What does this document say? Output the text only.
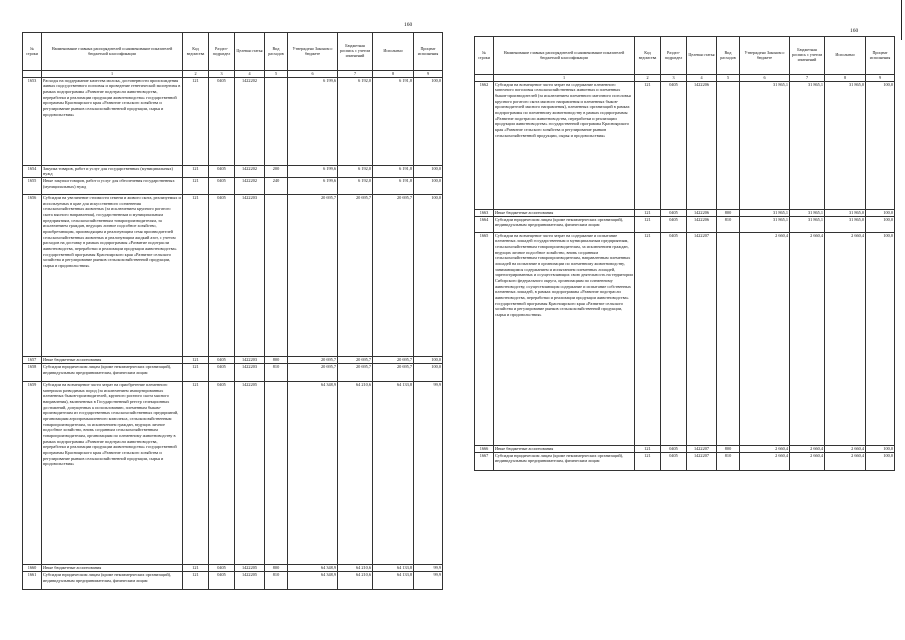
160
№ строки	Наименование главных распорядителей и наименование показателей бюджетной классификации	Код ведомства	Раздел-подраздел	Целевая статья	Вид расходов	Утверждено Законом о бюджете	Бюджетная роспись с учетом изменений	Исполнено	Процент исполнения
	1	2	3	4	5	6	7	8	9
1653	Расходы на поддержание качества молока, достоверности происхождения живых подсудственного погловья и проведение генетической экспертизы в рамках подпрограммы «Развитие подотрасли животноводства, переработки и реализации продукции животноводства» государственной программы Красноярского края «Развитие сельского хозяйства и регулирование рынков сельскохозяйственной продукции, сырья и продовольствия»	121	0405	1422202		6 199,6	6 192,0	6 191,8	100,0
1654	Закупка товаров, работ и услуг для государственных (муниципальных) нужд	121	0405	1422202	200	6 199,6	6 192,0	6 191,8	100,0
1655	Иные закупки товаров, работ и услуг для обеспечения государственных (муниципальных) нужд	121	0405	1422202	240	6 199,6	6 192,0	6 191,8	100,0
1656	Субсидии на увеличение стоимости семени и живого скота, реализуемых и используемых в крае для искусственного осеменения сельскохозяйственных животных (за исключением крупного рогатого скота мясного направления), государственным и муниципальным предприятиям, сельскохозяйственным товаропроизводителям, за исключением граждан, ведущих личное подсобное хозяйство, приобретающим, производящим и реализующим семя производителей сельскохозяйственных животных и реализующим жидкий азот, с учетом расходов на доставку в рамках подпрограммы «Развитие подотрасли животноводства, переработки и реализации продукции животноводства» государственной программы Красноярского края «Развитие сельского хозяйства и регулирование рынков сельскохозяйственной продукции, сырья и продовольствия»	121	0405	1422203		20 695,7	20 695,7	20 695,7	100,0
1657	Иные бюджетные ассигнования	121	0405	1422203	800	20 695,7	20 695,7	20 695,7	100,0
1658	Субсидии юридическим лицам (кроме некоммерческих организаций), индивидуальным предпринимателям, физическим лицам	121	0405	1422203	810	20 695,7	20 695,7	20 695,7	100,0
1659	Субсидии на возмещение части затрат на приобретение племенного материала разводимых пород (за исключением импортированных племенных быков-производителей, крупного рогатого скота мясного направления), включенных в Государственный реестр селекционных достижений, допущенных к использованию, племенным быкам-производителям из государственных сельскохозяйственных предприятий, организациям агропромышленного комплекса, сельскохозяйственным товаропроизводителям, за исключением граждан, ведущих личное подсобное хозяйство, вновь созданным сельскохозяйственным товаропроизводителям, организациям по племенному животноводству в рамках подпрограммы «Развитие подотрасли животноводства, переработки и реализации продукции животноводства» государственной программы Красноярского края «Развитие сельского хозяйства и регулирование рынков сельскохозяйственной продукции, сырья и продовольствия»	121	0405	1422205		64 348,9	64 210,6	64 133,8	99,9
1660	Иные бюджетные ассигнования	121	0405	1422205	800	64 348,9	64 210,6	64 133,8	99,9
1661	Субсидии юридическим лицам (кроме некоммерческих организаций), индивидуальным предпринимателям, физическим лицам	121	0405	1422205	810	64 348,9	64 210,6	64 133,8	99,9
160
№ строки	Наименование главных распорядителей и наименование показателей бюджетной классификации	Код ведомства	Раздел-подраздел	Целевая статья	Вид расходов	Утверждено Законом о бюджете	Бюджетная роспись с учетом изменений	Исполнено	Процент исполнения
	1	2	3	4	5	6	7	8	9
1662	Субсидии на возмещение части затрат на содержание племенного маточного поголовья сельскохозяйственных животных и племенных быков-производителей (за исключением племенного маточного поголовья крупного рогатого скота мясного направления и племенных быков-производителей мясного направления), племенных организаций в рамках подпрограммы по племенному животноводству в рамках подпрограммы «Развитие подотрасли животноводства, переработки и реализации продукции животноводства» государственной программы Красноярского края «Развитие сельского хозяйства и регулирование рынков сельскохозяйственной продукции, сырья и продовольствия»	121	0405	1422206		31 865,1	31 865,1	31 865,0	100,0
1663	Иные бюджетные ассигнования	121	0405	1422206	800	31 865,1	31 865,1	31 865,0	100,0
1664	Субсидии юридическим лицам (кроме некоммерческих организаций), индивидуальным предпринимателям, физическим лицам	121	0405	1422206	810	31 865,1	31 865,1	31 865,0	100,0
1665	Субсидии на возмещение части затрат на содержание и испытание племенных лошадей государственным и муниципальным предприятиям, сельскохозяйственным товаропроизводителям, за исключением граждан, ведущих личное подсобное хозяйство, вновь созданным сельскохозяйственным товаропроизводителям, направленным племенных лошадей на испытание в организации по племенному животноводству, занимающимся содержанием и испытанием племенных лошадей, зарегистрированных и осуществляющих свою деятельность на территории Сибирского федерального округа, организациям по племенному животноводству, осуществляющим содержание и испытание собственных племенных лошадей, в рамках подпрограммы «Развитие подотрасли животноводства, переработки и реализации продукции животноводства» государственной программы Красноярского края «Развитие сельского хозяйства и регулирование рынков сельскохозяйственной продукции, сырья и продовольствия»	121	0405	1422207		2 660,4	2 660,4	2 660,4	100,0
1666	Иные бюджетные ассигнования	121	0405	1422207	800	2 660,4	2 660,4	2 660,4	100,0
1667	Субсидии юридическим лицам (кроме некоммерческих организаций), индивидуальным предпринимателям, физическим лицам	121	0405	1422207	810	2 660,4	2 660,4	2 660,4	100,0
